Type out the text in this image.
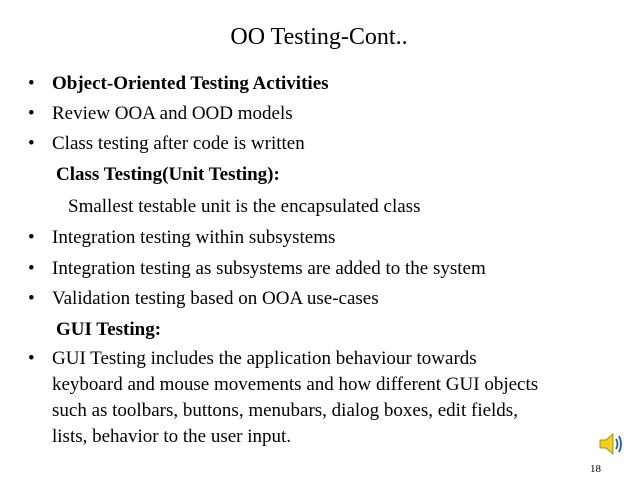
OO Testing-Cont..
• Object-Oriented Testing Activities
• Review OOA and OOD models
• Class testing after code is written
Class Testing(Unit Testing):
Smallest testable unit is the encapsulated class
• Integration testing within subsystems
• Integration testing as subsystems are added to the system
• Validation testing based on OOA use-cases
GUI Testing:
• GUI Testing includes the application behaviour towards
keyboard and mouse movements and how different GUI objects
such as toolbars, buttons, menubars, dialog boxes, edit fields,
lists, behavior to the user input.
18
